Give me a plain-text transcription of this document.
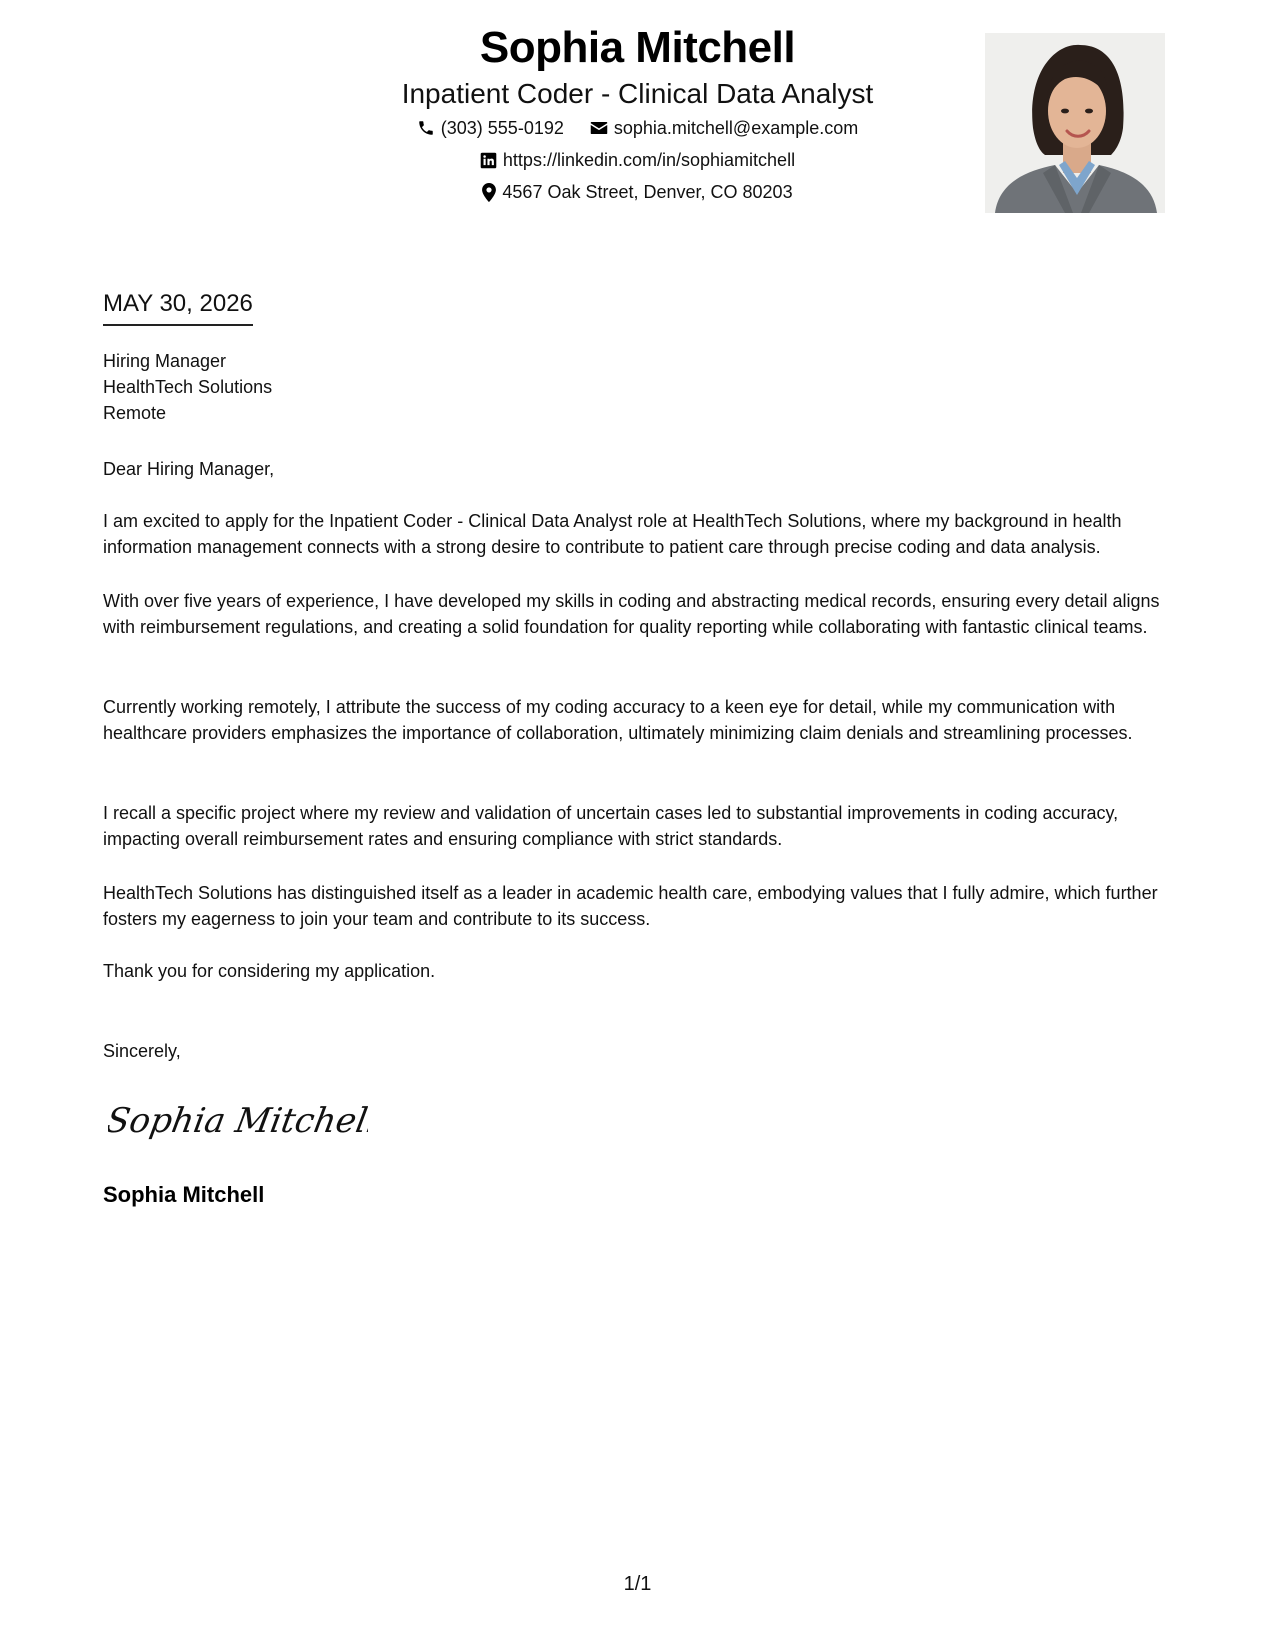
Sophia Mitchell
Inpatient Coder - Clinical Data Analyst
(303) 555-0192	sophia.mitchell@example.com
https://linkedin.com/in/sophiamitchell
4567 Oak Street, Denver, CO 80203
MAY 30, 2026
Hiring Manager
HealthTech Solutions
Remote
Dear Hiring Manager,
I am excited to apply for the Inpatient Coder - Clinical Data Analyst role at HealthTech Solutions, where my background in health information management connects with a strong desire to contribute to patient care through precise coding and data analysis.
With over five years of experience, I have developed my skills in coding and abstracting medical records, ensuring every detail aligns with reimbursement regulations, and creating a solid foundation for quality reporting while collaborating with fantastic clinical teams.
Currently working remotely, I attribute the success of my coding accuracy to a keen eye for detail, while my communication with healthcare providers emphasizes the importance of collaboration, ultimately minimizing claim denials and streamlining processes.
I recall a specific project where my review and validation of uncertain cases led to substantial improvements in coding accuracy, impacting overall reimbursement rates and ensuring compliance with strict standards.
HealthTech Solutions has distinguished itself as a leader in academic health care, embodying values that I fully admire, which further fosters my eagerness to join your team and contribute to its success.
Thank you for considering my application.
Sincerely,
Sophia Mitchell
Sophia Mitchell
1/1
